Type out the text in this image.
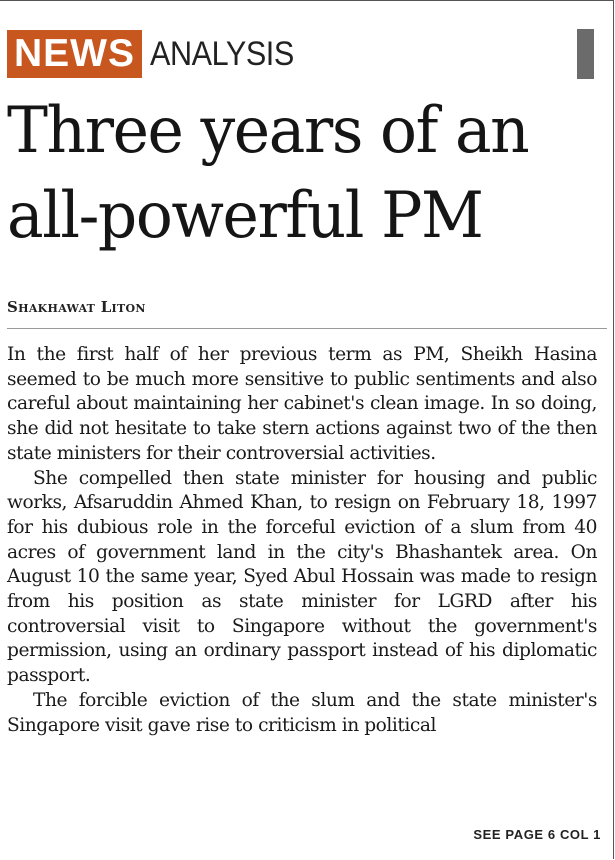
NEWS ANALYSIS
Three years of an all-powerful PM
Shakhawat Liton

In the first half of her previous term as PM, Sheikh Hasina seemed to be much more sensitive to public sentiments and also careful about maintaining her cabinet's clean image. In so doing, she did not hesitate to take stern actions against two of the then state ministers for their controversial activities.

She compelled then state minister for housing and public works, Afsaruddin Ahmed Khan, to resign on February 18, 1997 for his dubious role in the forceful eviction of a slum from 40 acres of government land in the city's Bhashantek area. On August 10 the same year, Syed Abul Hossain was made to resign from his position as state minister for LGRD after his controversial visit to Singapore without the government's permission, using an ordinary passport instead of his diplomatic passport.

The forcible eviction of the slum and the state minister's Singapore visit gave rise to criticism in political

SEE PAGE 6 COL 1
